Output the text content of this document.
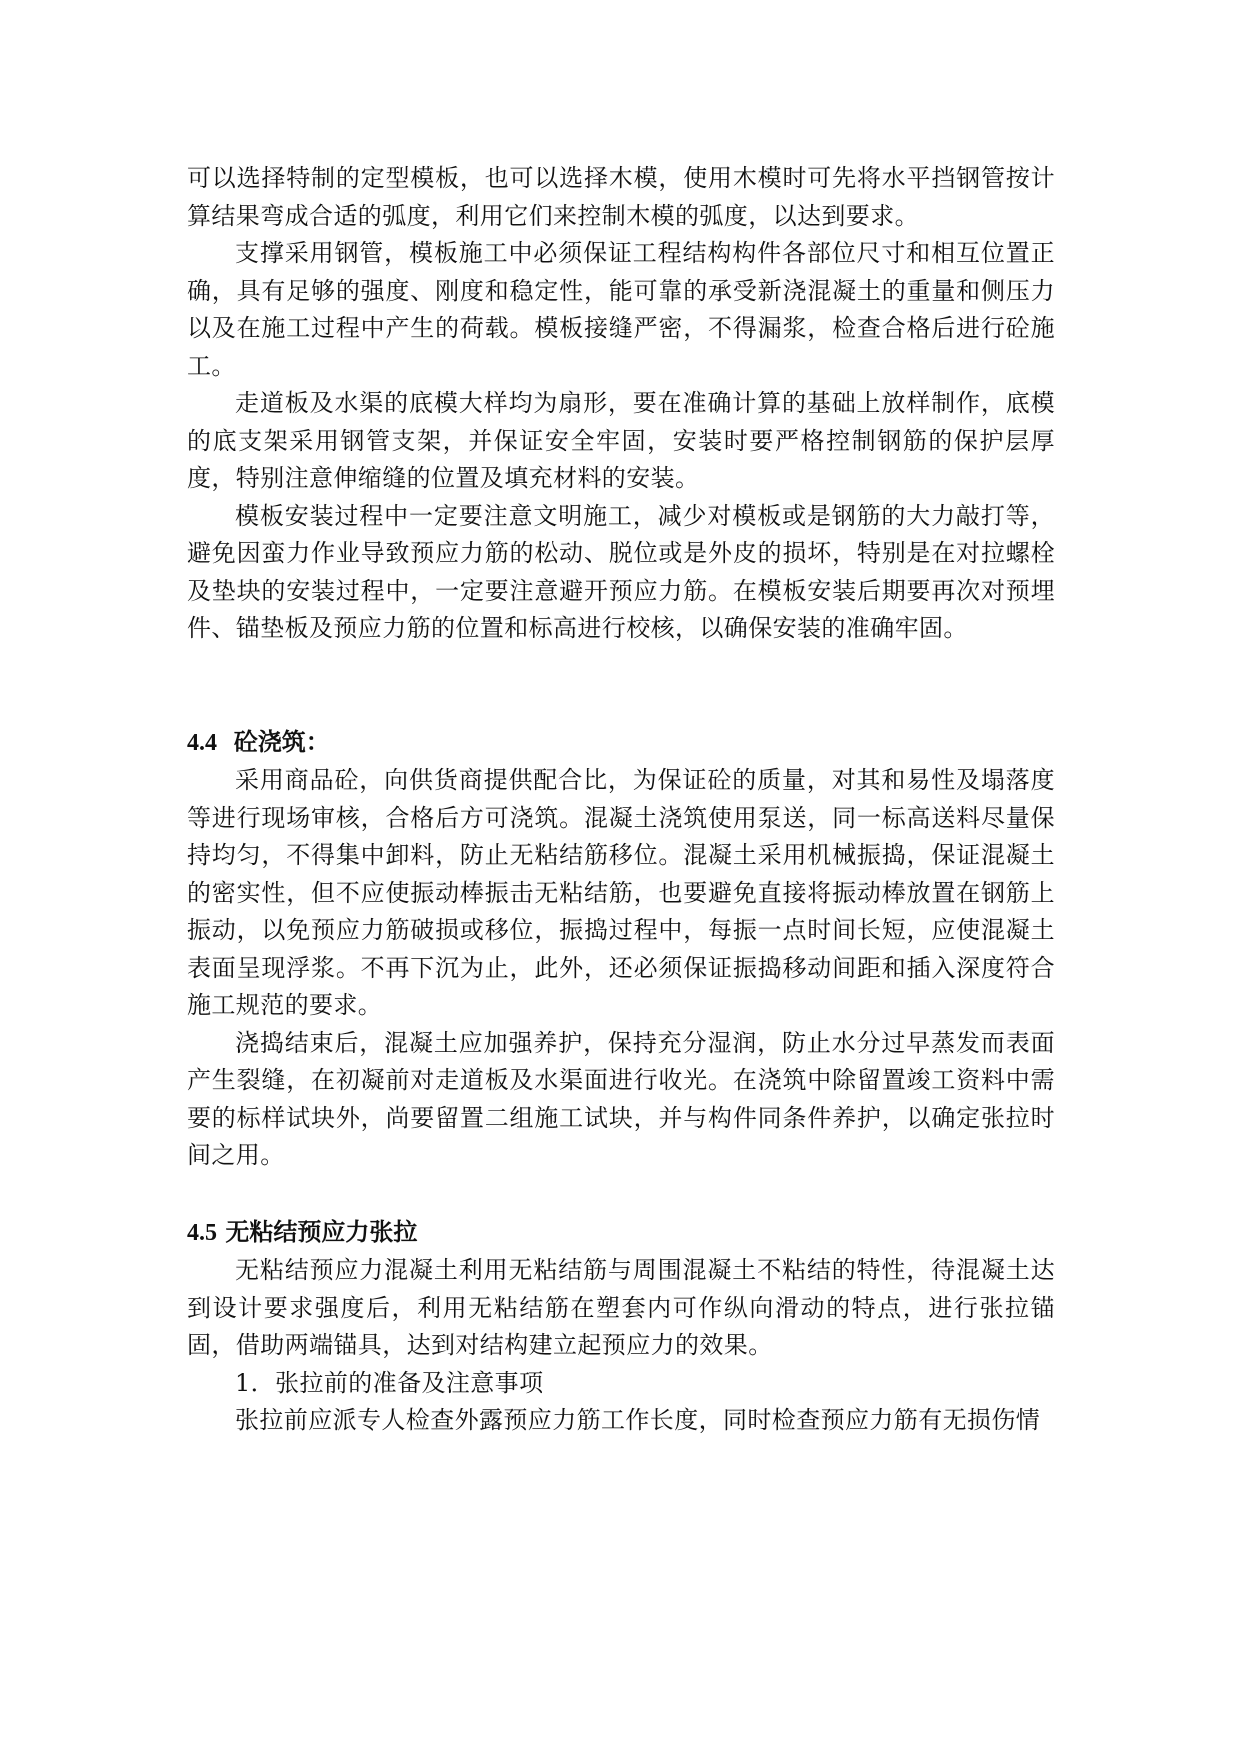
可以选择特制的定型模板，也可以选择木模，使用木模时可先将水平挡钢管按计算结果弯成合适的弧度，利用它们来控制木模的弧度，以达到要求。

支撑采用钢管，模板施工中必须保证工程结构构件各部位尺寸和相互位置正确，具有足够的强度、刚度和稳定性，能可靠的承受新浇混凝土的重量和侧压力以及在施工过程中产生的荷载。模板接缝严密，不得漏浆，检查合格后进行砼施工。

走道板及水渠的底模大样均为扇形，要在准确计算的基础上放样制作，底模的底支架采用钢管支架，并保证安全牢固，安装时要严格控制钢筋的保护层厚度，特别注意伸缩缝的位置及填充材料的安装。

模板安装过程中一定要注意文明施工，减少对模板或是钢筋的大力敲打等，避免因蛮力作业导致预应力筋的松动、脱位或是外皮的损坏，特别是在对拉螺栓及垫块的安装过程中，一定要注意避开预应力筋。在模板安装后期要再次对预埋件、锚垫板及预应力筋的位置和标高进行校核，以确保安装的准确牢固。

4.4 砼浇筑：

采用商品砼，向供货商提供配合比，为保证砼的质量，对其和易性及塌落度等进行现场审核，合格后方可浇筑。混凝土浇筑使用泵送，同一标高送料尽量保持均匀，不得集中卸料，防止无粘结筋移位。混凝土采用机械振捣，保证混凝土的密实性，但不应使振动棒振击无粘结筋，也要避免直接将振动棒放置在钢筋上振动，以免预应力筋破损或移位，振捣过程中，每振一点时间长短，应使混凝土表面呈现浮浆。不再下沉为止，此外，还必须保证振捣移动间距和插入深度符合施工规范的要求。

浇捣结束后，混凝土应加强养护，保持充分湿润，防止水分过早蒸发而表面产生裂缝，在初凝前对走道板及水渠面进行收光。在浇筑中除留置竣工资料中需要的标样试块外，尚要留置二组施工试块，并与构件同条件养护，以确定张拉时间之用。

4.5 无粘结预应力张拉

无粘结预应力混凝土利用无粘结筋与周围混凝土不粘结的特性，待混凝土达到设计要求强度后，利用无粘结筋在塑套内可作纵向滑动的特点，进行张拉锚固，借助两端锚具，达到对结构建立起预应力的效果。

1．张拉前的准备及注意事项

张拉前应派专人检查外露预应力筋工作长度，同时检查预应力筋有无损伤情
